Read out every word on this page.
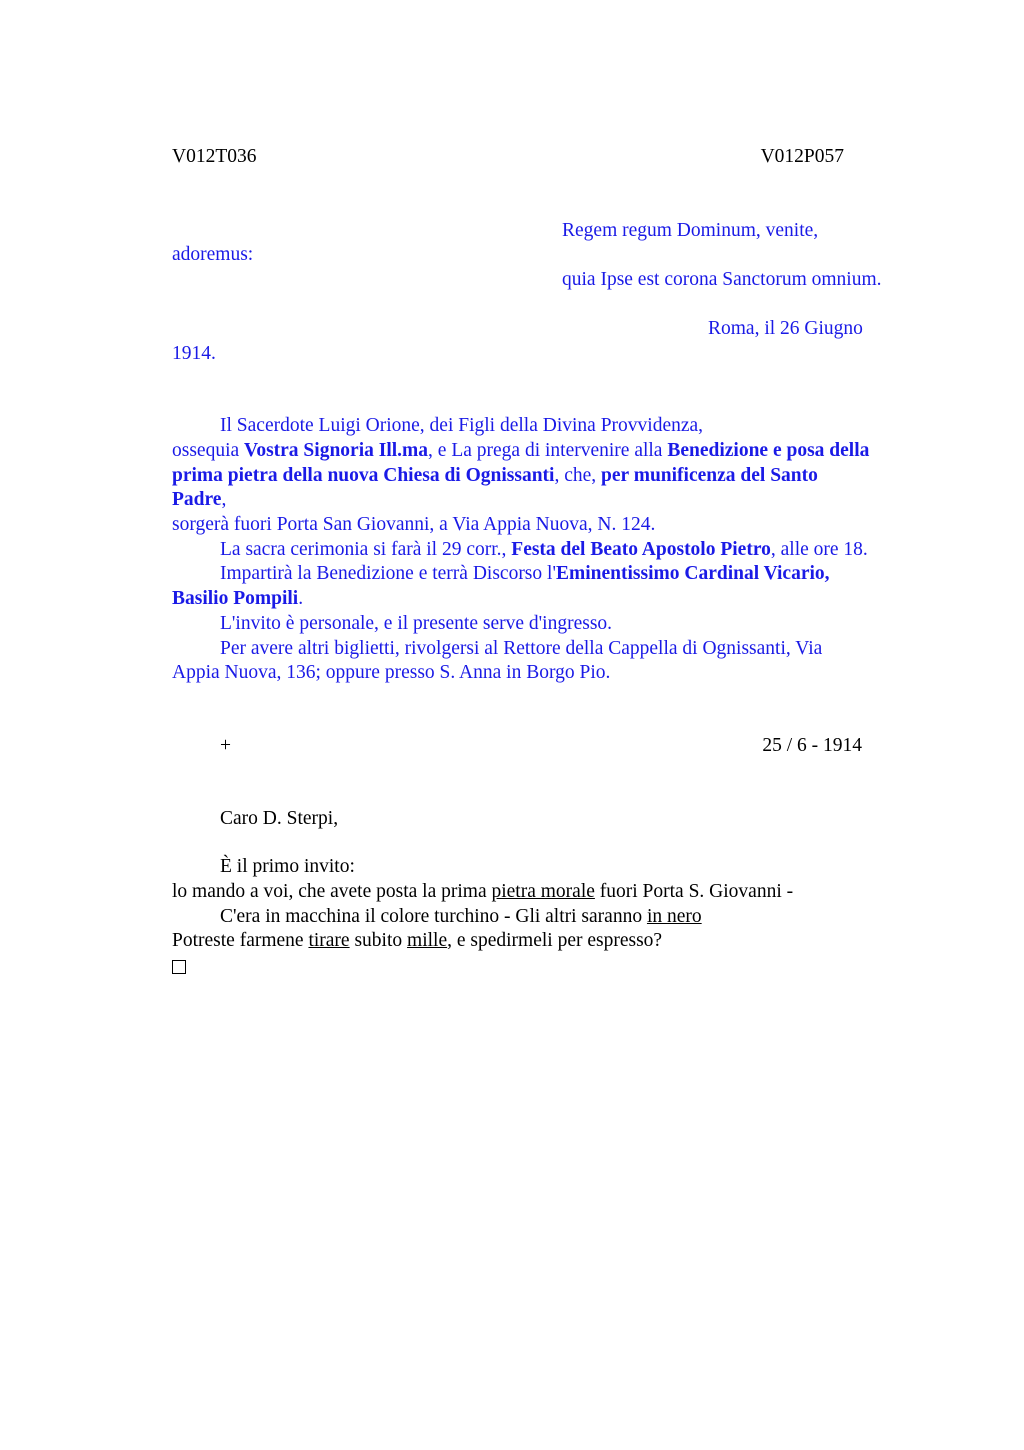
V012T036	V012P057
Regem regum Dominum, venite,
adoremus:
quia Ipse est corona Sanctorum omnium.
Roma, il 26 Giugno
1914.
Il Sacerdote Luigi Orione, dei Figli della Divina Provvidenza,
ossequia Vostra Signoria Ill.ma, e La prega di intervenire alla Benedizione e posa della
prima pietra della nuova Chiesa di Ognissanti, che, per munificenza del Santo Padre,
sorgerà fuori Porta San Giovanni, a Via Appia Nuova, N. 124.
La sacra cerimonia si farà il 29 corr., Festa del Beato Apostolo Pietro, alle ore 18.
Impartirà la Benedizione e terrà Discorso l'Eminentissimo Cardinal Vicario, Basilio Pompili.
L'invito è personale, e il presente serve d'ingresso.
Per avere altri biglietti, rivolgersi al Rettore della Cappella di Ognissanti, Via Appia Nuova, 136; oppure presso S. Anna in Borgo Pio.
+	25 / 6 - 1914
Caro D. Sterpi,
È il primo invito:
lo mando a voi, che avete posta la prima pietra morale fuori Porta S. Giovanni -
C'era in macchina il colore turchino - Gli altri saranno in nero
Potreste farmene tirare subito mille, e spedirmeli per espresso?
